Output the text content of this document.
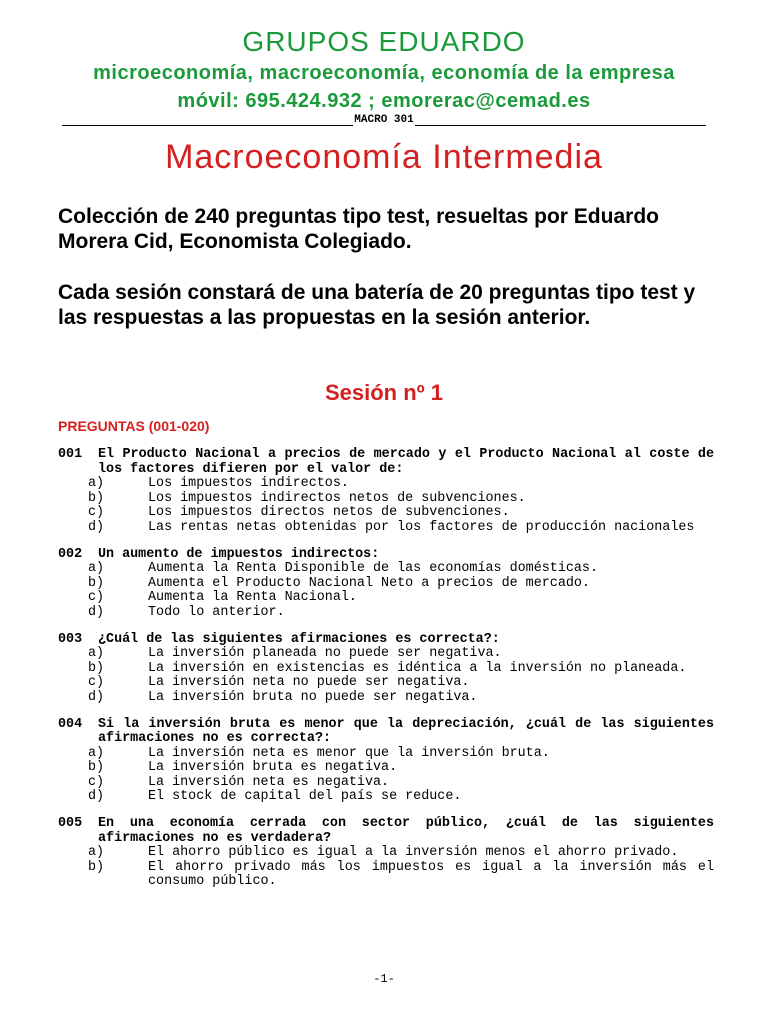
GRUPOS EDUARDO
microeconomía, macroeconomía, economía de la empresa
móvil: 695.424.932 ; emorerac@cemad.es
MACRO 301
Macroeconomía Intermedia
Colección de 240 preguntas tipo test, resueltas por Eduardo Morera Cid, Economista Colegiado.
Cada sesión constará de una batería de 20 preguntas tipo test y las respuestas a las propuestas en la sesión anterior.
Sesión nº 1
PREGUNTAS (001-020)
001	El Producto Nacional a precios de mercado y el Producto Nacional al coste de los factores difieren por el valor de:
a)	Los impuestos indirectos.
b)	Los impuestos indirectos netos de subvenciones.
c)	Los impuestos directos netos de subvenciones.
d)	Las rentas netas obtenidas por los factores de producción nacionales
002	Un aumento de impuestos indirectos:
a)	Aumenta la Renta Disponible de las economías domésticas.
b)	Aumenta el Producto Nacional Neto a precios de mercado.
c)	Aumenta la Renta Nacional.
d)	Todo lo anterior.
003	¿Cuál de las siguientes afirmaciones es correcta?:
a)	La inversión planeada no puede ser negativa.
b)	La inversión en existencias es idéntica a la inversión no planeada.
c)	La inversión neta no puede ser negativa.
d)	La inversión bruta no puede ser negativa.
004	Si la inversión bruta es menor que la depreciación, ¿cuál de las siguientes afirmaciones no es correcta?:
a)	La inversión neta es menor que la inversión bruta.
b)	La inversión bruta es negativa.
c)	La inversión neta es negativa.
d)	El stock de capital del país se reduce.
005	En una economía cerrada con sector público, ¿cuál de las siguientes afirmaciones no es verdadera?
a)	El ahorro público es igual a la inversión menos el ahorro privado.
b)	El ahorro privado más los impuestos es igual a la inversión más el consumo público.
-1-
